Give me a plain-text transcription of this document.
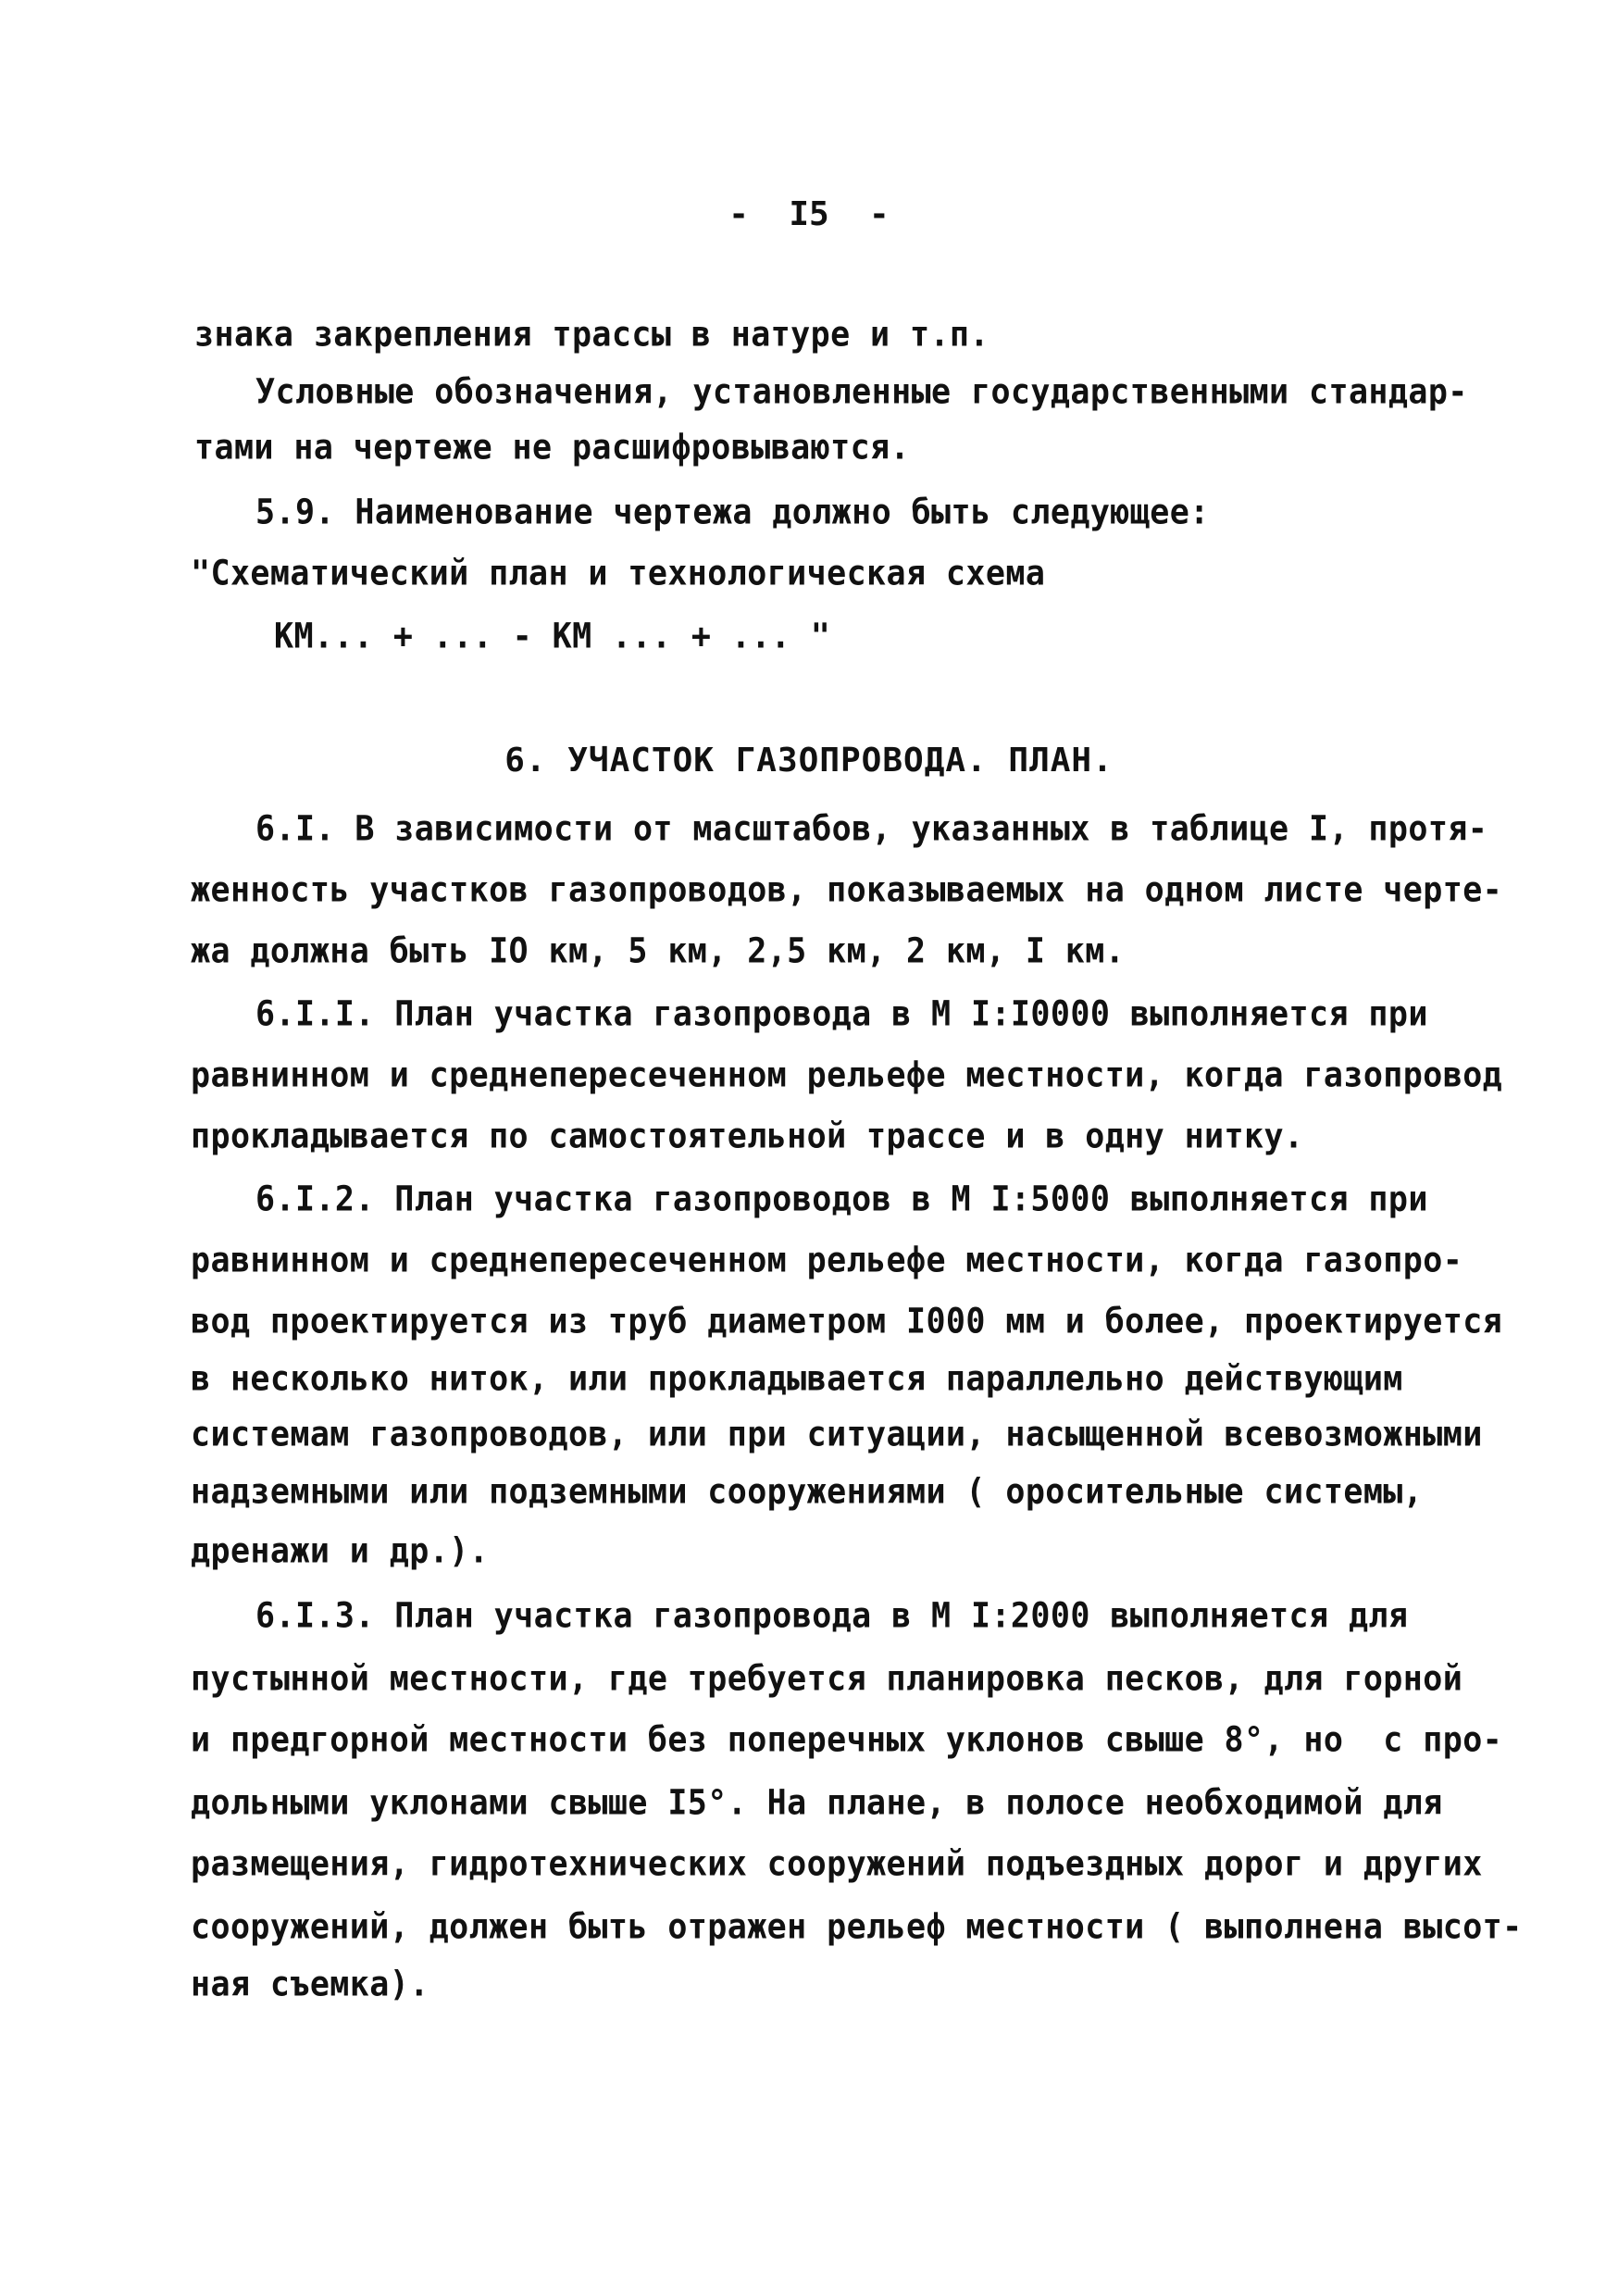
-  I5  -
знака закрепления трассы в натуре и т.п.
Условные обозначения, установленные государственными стандар-
тами на чертеже не расшифровываются.
5.9. Наименование чертежа должно быть следующее:
"Схематический план и технологическая схема
КМ... + ... - КМ ... + ... "
6. УЧАСТОК ГАЗОПРОВОДА. ПЛАН.
6.I. В зависимости от масштабов, указанных в таблице I, протя-
женность участков газопроводов, показываемых на одном листе черте-
жа должна быть IO км, 5 км, 2,5 км, 2 км, I км.
6.I.I. План участка газопровода в М I:I0000 выполняется при
равнинном и среднепересеченном рельефе местности, когда газопровод
прокладывается по самостоятельной трассе и в одну нитку.
6.I.2. План участка газопроводов в М I:5000 выполняется при
равнинном и среднепересеченном рельефе местности, когда газопро-
вод проектируется из труб диаметром I000 мм и более, проектируется
в несколько ниток, или прокладывается параллельно действующим
системам газопроводов, или при ситуации, насыщенной всевозможными
надземными или подземными сооружениями ( оросительные системы,
дренажи и др.).
6.I.3. План участка газопровода в М I:2000 выполняется для
пустынной местности, где требуется планировка песков, для горной
и предгорной местности без поперечных уклонов свыше 8°, но  с про-
дольными уклонами свыше I5°. На плане, в полосе необходимой для
размещения, гидротехнических сооружений подъездных дорог и других
сооружений, должен быть отражен рельеф местности ( выполнена высот-
ная съемка).
